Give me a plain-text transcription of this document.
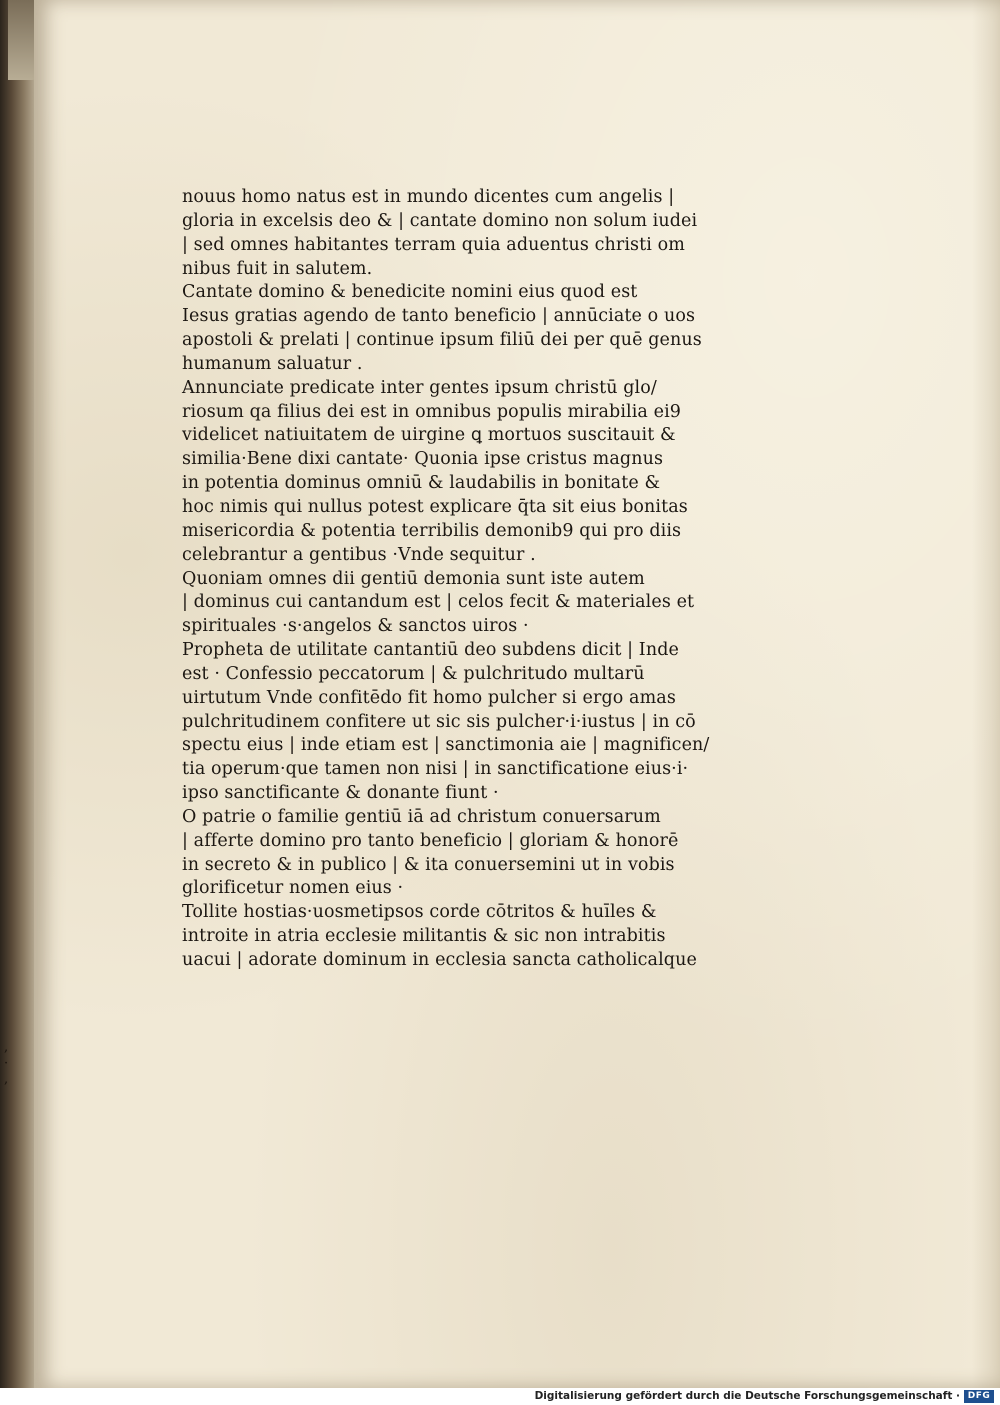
,
·
,
nouus homo natus est in mundo dicentes cum angelis |
gloria in excelsis deo & | cantate domino non solum iudei
| sed omnes habitantes terram quia aduentus christi om
nibus fuit in salutem.
Cantate domino & benedicite nomini eius quod est
Iesus gratias agendo de tanto beneficio | annūciate o uos
apostoli & prelati | continue ipsum filiū dei per quē genus
humanum saluatur .
Annunciate predicate inter gentes ipsum christū glo/
riosum qa filius dei est in omnibus populis mirabilia ei9
videlicet natiuitatem de uirgine ꝗ mortuos suscitauit &
similia·Bene dixi cantate· Quonia ipse cristus magnus
in potentia dominus omniū & laudabilis in bonitate &
hoc nimis qui nullus potest explicare q̄ta sit eius bonitas
misericordia & potentia terribilis demonib9 qui pro diis
celebrantur a gentibus ·Vnde sequitur .
Quoniam omnes dii gentiū demonia sunt iste autem
| dominus cui cantandum est | celos fecit & materiales et
spirituales ·s·angelos & sanctos uiros ·
Propheta de utilitate cantantiū deo subdens dicit | Inde
est · Confessio peccatorum | & pulchritudo multarū
uirtutum Vnde confitēdo fit homo pulcher si ergo amas
pulchritudinem confitere ut sic sis pulcher·i·iustus | in cō
spectu eius | inde etiam est | sanctimonia aie | magnificen/
tia operum·que tamen non nisi | in sanctificatione eius·i·
ipso sanctificante & donante fiunt ·
O patrie o familie gentiū iā ad christum conuersarum
| afferte domino pro tanto beneficio | gloriam & honorē
in secreto & in publico | & ita conuersemini ut in vobis
glorificetur nomen eius ·
Tollite hostias·uosmetipsos corde cōtritos & huīles &
introite in atria ecclesie militantis & sic non intrabitis
uacui | adorate dominum in ecclesia sancta catholicalque
Digitalisierung gefördert durch die Deutsche Forschungsgemeinschaft · DFG
